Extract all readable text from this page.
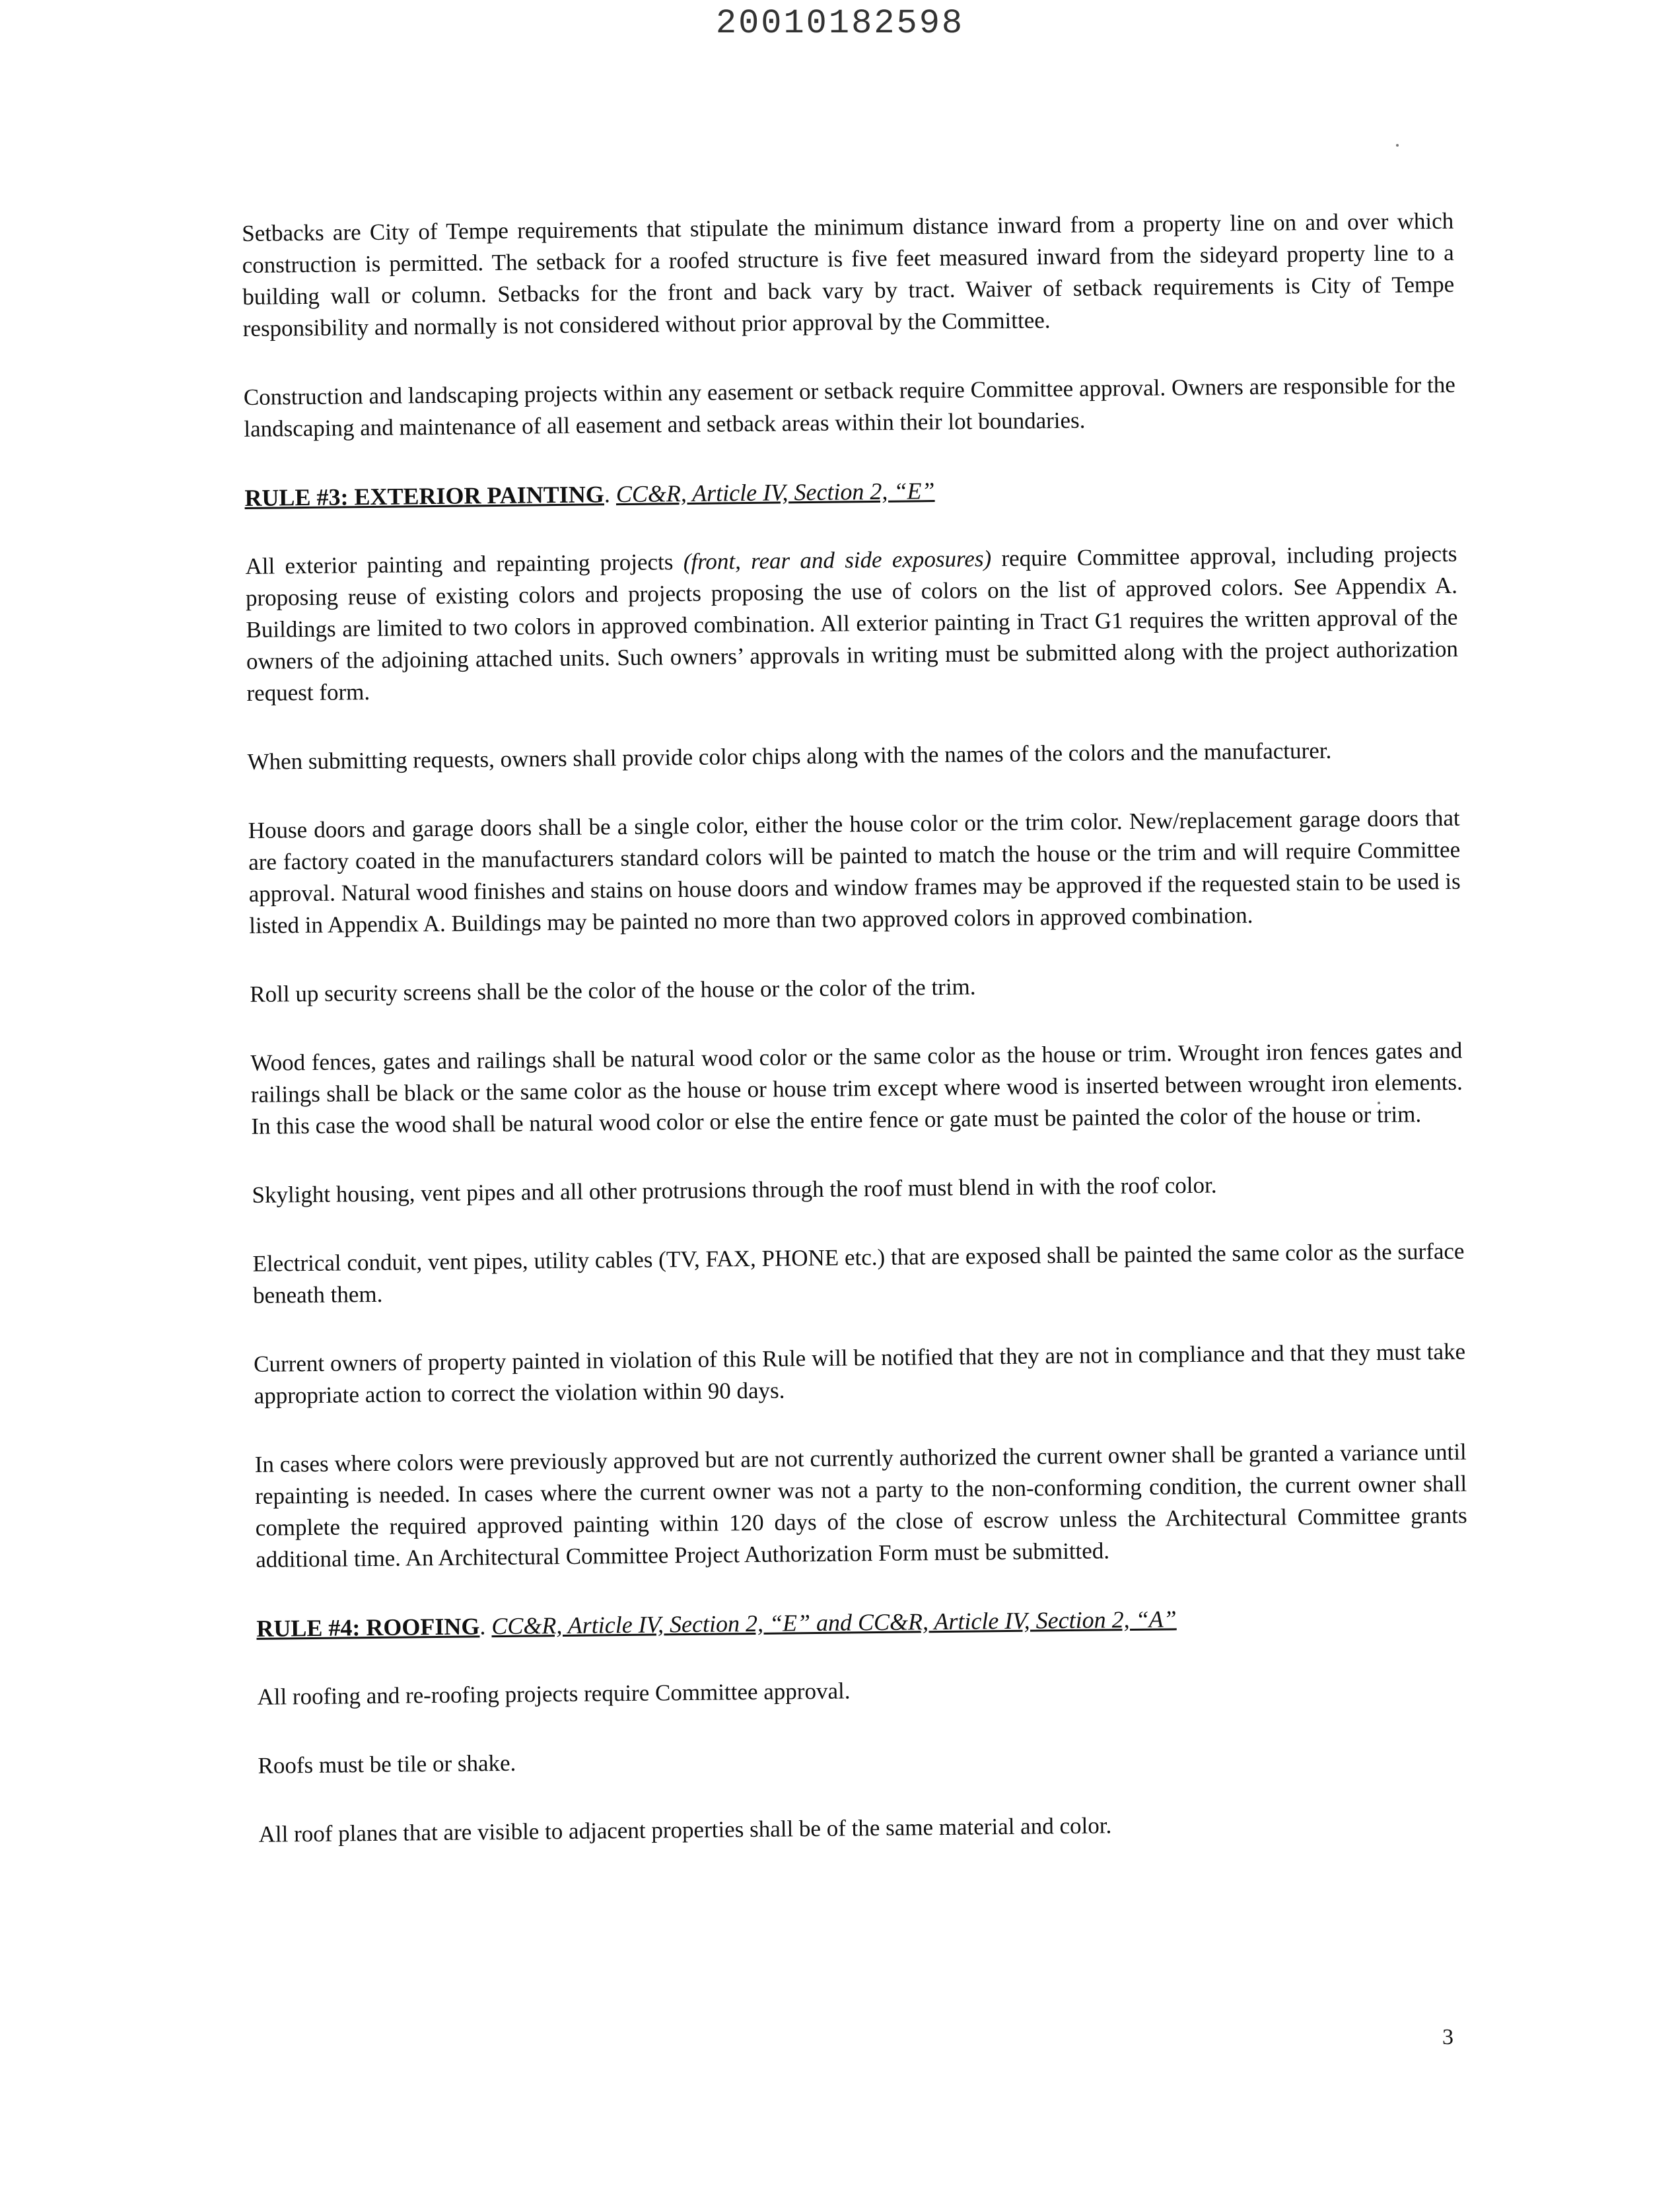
20010182598

Setbacks are City of Tempe requirements that stipulate the minimum distance inward from a property line on and over which construction is permitted. The setback for a roofed structure is five feet measured inward from the sideyard property line to a building wall or column. Setbacks for the front and back vary by tract. Waiver of setback requirements is City of Tempe responsibility and normally is not considered without prior approval by the Committee.

Construction and landscaping projects within any easement or setback require Committee approval. Owners are responsible for the landscaping and maintenance of all easement and setback areas within their lot boundaries.

RULE #3: EXTERIOR PAINTING. CC&R, Article IV, Section 2, “E”

All exterior painting and repainting projects (front, rear and side exposures) require Committee approval, including projects proposing reuse of existing colors and projects proposing the use of colors on the list of approved colors. See Appendix A. Buildings are limited to two colors in approved combination. All exterior painting in Tract G1 requires the written approval of the owners of the adjoining attached units. Such owners’ approvals in writing must be submitted along with the project authorization request form.

When submitting requests, owners shall provide color chips along with the names of the colors and the manufacturer.

House doors and garage doors shall be a single color, either the house color or the trim color. New/replacement garage doors that are factory coated in the manufacturers standard colors will be painted to match the house or the trim and will require Committee approval. Natural wood finishes and stains on house doors and window frames may be approved if the requested stain to be used is listed in Appendix A. Buildings may be painted no more than two approved colors in approved combination.

Roll up security screens shall be the color of the house or the color of the trim.

Wood fences, gates and railings shall be natural wood color or the same color as the house or trim. Wrought iron fences gates and railings shall be black or the same color as the house or house trim except where wood is inserted between wrought iron elements. In this case the wood shall be natural wood color or else the entire fence or gate must be painted the color of the house or trim.

Skylight housing, vent pipes and all other protrusions through the roof must blend in with the roof color.

Electrical conduit, vent pipes, utility cables (TV, FAX, PHONE etc.) that are exposed shall be painted the same color as the surface beneath them.

Current owners of property painted in violation of this Rule will be notified that they are not in compliance and that they must take appropriate action to correct the violation within 90 days.

In cases where colors were previously approved but are not currently authorized the current owner shall be granted a variance until repainting is needed. In cases where the current owner was not a party to the non-conforming condition, the current owner shall complete the required approved painting within 120 days of the close of escrow unless the Architectural Committee grants additional time. An Architectural Committee Project Authorization Form must be submitted.

RULE #4: ROOFING. CC&R, Article IV, Section 2, “E” and CC&R, Article IV, Section 2, “A”

All roofing and re-roofing projects require Committee approval.

Roofs must be tile or shake.

All roof planes that are visible to adjacent properties shall be of the same material and color.

3
